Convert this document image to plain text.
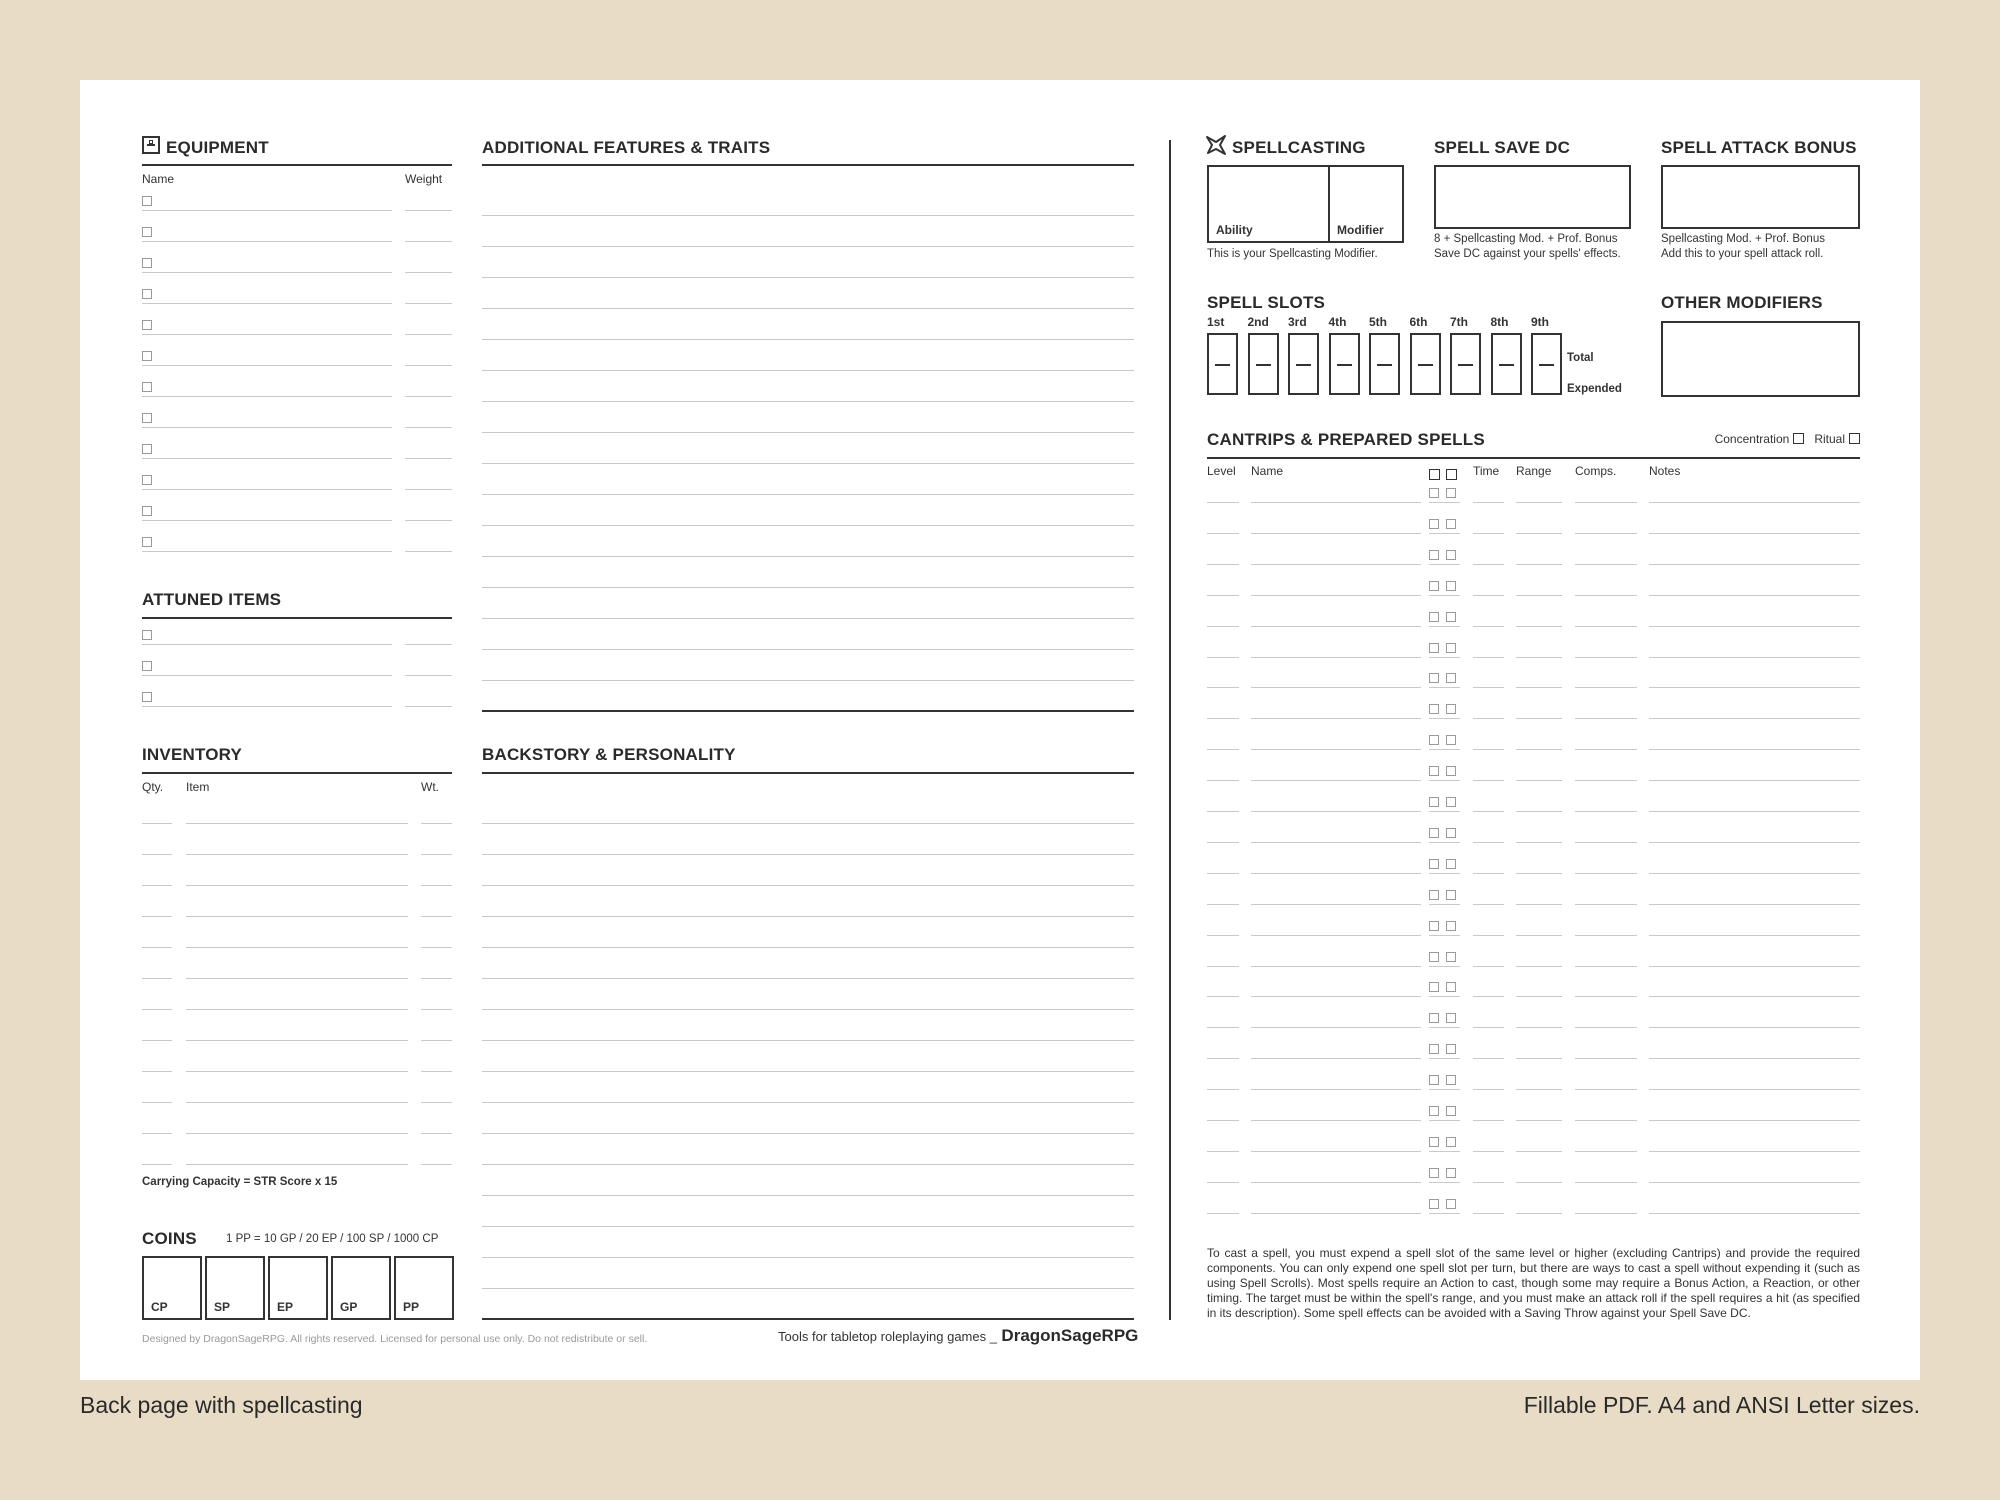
EQUIPMENT
Name	Weight
ATTUNED ITEMS
INVENTORY
Qty. Item	Wt.
Carrying Capacity = STR Score x 15
COINS	1 PP = 10 GP / 20 EP / 100 SP / 1000 CP
CP	SP	EP	GP	PP
ADDITIONAL FEATURES & TRAITS
BACKSTORY & PERSONALITY
Designed by DragonSageRPG. All rights reserved. Licensed for personal use only. Do not redistribute or sell.	Tools for tabletop roleplaying games _ DragonSageRPG
SPELLCASTING
Ability	Modifier
This is your Spellcasting Modifier.
SPELL SAVE DC
8 + Spellcasting Mod. + Prof. Bonus
Save DC against your spells' effects.
SPELL ATTACK BONUS
Spellcasting Mod. + Prof. Bonus
Add this to your spell attack roll.
SPELL SLOTS
1st 2nd 3rd 4th 5th 6th 7th 8th 9th
Total
Expended
OTHER MODIFIERS
CANTRIPS & PREPARED SPELLS	Concentration Ritual
Level Name	Time Range Comps.	Notes
To cast a spell, you must expend a spell slot of the same level or higher (excluding Cantrips) and provide the required components. You can only expend one spell slot per turn, but there are ways to cast a spell without expending it (such as using Spell Scrolls). Most spells require an Action to cast, though some may require a Bonus Action, a Reaction, or other timing. The target must be within the spell's range, and you must make an attack roll if the spell requires a hit (as specified in its description). Some spell effects can be avoided with a Saving Throw against your Spell Save DC.
Back page with spellcasting	Fillable PDF. A4 and ANSI Letter sizes.
